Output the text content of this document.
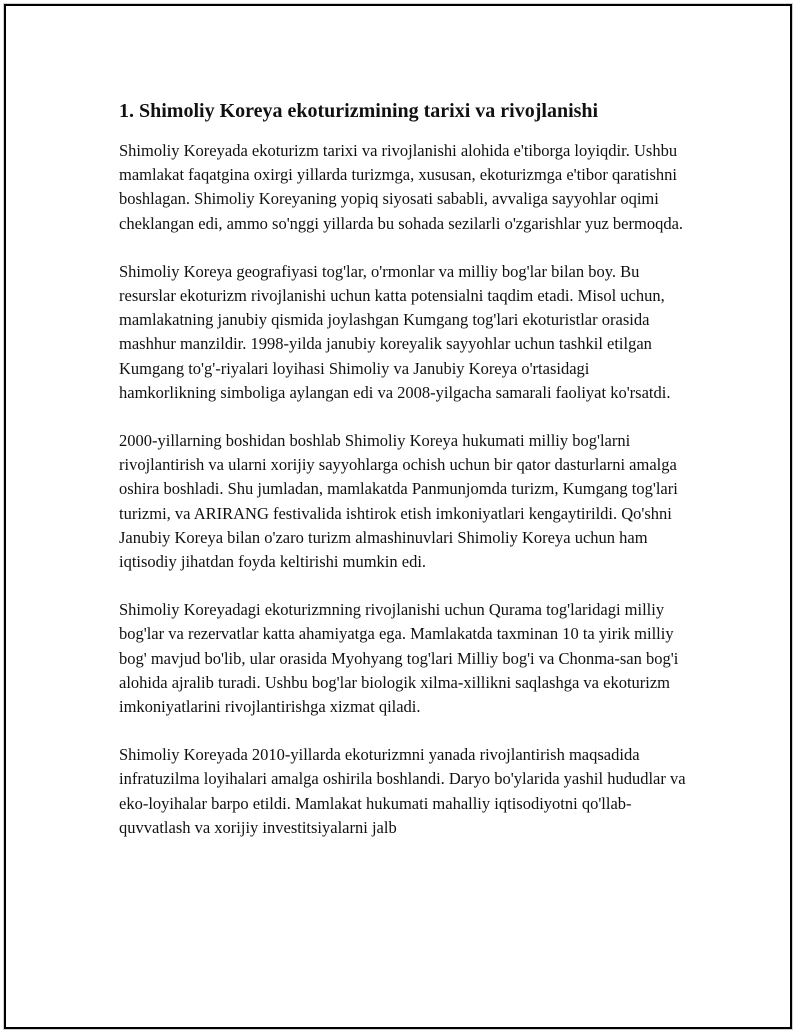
1. Shimoliy Koreya ekoturizmining tarixi va rivojlanishi

Shimoliy Koreyada ekoturizm tarixi va rivojlanishi alohida e'tiborga loyiqdir. Ushbu mamlakat faqatgina oxirgi yillarda turizmga, xususan, ekoturizmga e'tibor qaratishni boshlagan. Shimoliy Koreyaning yopiq siyosati sababli, avvaliga sayyohlar oqimi cheklangan edi, ammo so'nggi yillarda bu sohada sezilarli o'zgarishlar yuz bermoqda.

Shimoliy Koreya geografiyasi tog'lar, o'rmonlar va milliy bog'lar bilan boy. Bu resurslar ekoturizm rivojlanishi uchun katta potensialni taqdim etadi. Misol uchun, mamlakatning janubiy qismida joylashgan Kumgang tog'lari ekoturistlar orasida mashhur manzildir. 1998-yilda janubiy koreyalik sayyohlar uchun tashkil etilgan Kumgang to'g'-riyalari loyihasi Shimoliy va Janubiy Koreya o'rtasidagi hamkorlikning simboliga aylangan edi va 2008-yilgacha samarali faoliyat ko'rsatdi.

2000-yillarning boshidan boshlab Shimoliy Koreya hukumati milliy bog'larni rivojlantirish va ularni xorijiy sayyohlarga ochish uchun bir qator dasturlarni amalga oshira boshladi. Shu jumladan, mamlakatda Panmunjomda turizm, Kumgang tog'lari turizmi, va ARIRANG festivalida ishtirok etish imkoniyatlari kengaytirildi. Qo'shni Janubiy Koreya bilan o'zaro turizm almashinuvlari Shimoliy Koreya uchun ham iqtisodiy jihatdan foyda keltirishi mumkin edi.

Shimoliy Koreyadagi ekoturizmning rivojlanishi uchun Qurama tog'laridagi milliy bog'lar va rezervatlar katta ahamiyatga ega. Mamlakatda taxminan 10 ta yirik milliy bog' mavjud bo'lib, ular orasida Myohyang tog'lari Milliy bog'i va Chonma-san bog'i alohida ajralib turadi. Ushbu bog'lar biologik xilma-xillikni saqlashga va ekoturizm imkoniyatlarini rivojlantirishga xizmat qiladi.

Shimoliy Koreyada 2010-yillarda ekoturizmni yanada rivojlantirish maqsadida infratuzilma loyihalari amalga oshirila boshlandi. Daryo bo'ylarida yashil hududlar va eko-loyihalar barpo etildi. Mamlakat hukumati mahalliy iqtisodiyotni qo'llab-quvvatlash va xorijiy investitsiyalarni jalb
